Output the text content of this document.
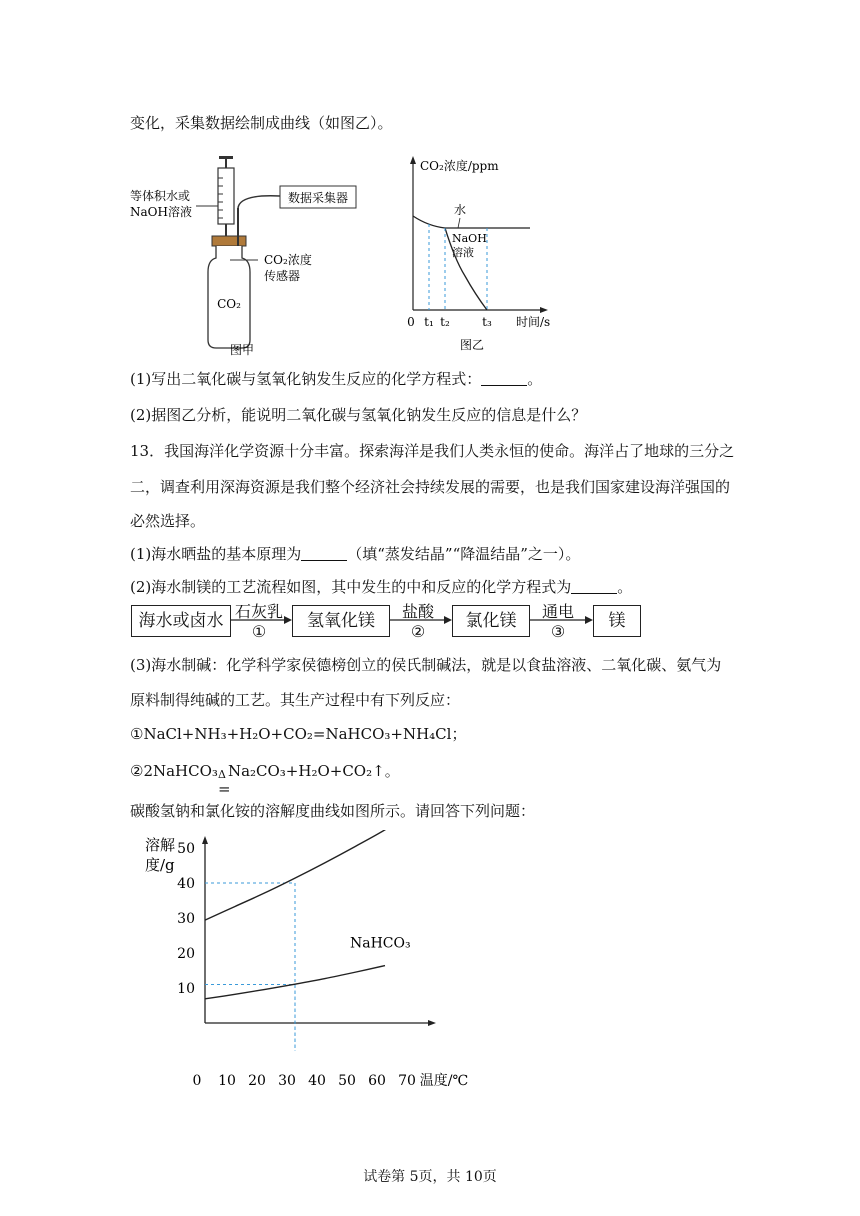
变化，采集数据绘制成曲线（如图乙）。
数据采集器
等体积水或
NaOH溶液
CO₂浓度
传感器
CO₂
图甲
CO₂浓度/ppm
水
NaOH
溶液
0 t₁ t₂	t₃ 时间/s
图乙
(1)写出二氧化碳与氢氧化钠发生反应的化学方程式：	。
(2)据图乙分析，能说明二氧化碳与氢氧化钠发生反应的信息是什么？
13．我国海洋化学资源十分丰富。探索海洋是我们人类永恒的使命。海洋占了地球的三分之
二，调查利用深海资源是我们整个经济社会持续发展的需要，也是我们国家建设海洋强国的
必然选择。
(1)海水晒盐的基本原理为	（填“蒸发结晶”“降温结晶”之一）。
(2)海水制镁的工艺流程如图，其中发生的中和反应的化学方程式为	。
海水或卤水	氢氧化镁	氯化镁	镁
石灰乳
①
盐酸
②
通电
③
(3)海水制碱：化学科学家侯德榜创立的侯氏制碱法，就是以食盐溶液、二氧化碳、氨气为
原料制得纯碱的工艺。其生产过程中有下列反应：
①NaCl+NH₃+H₂O+CO₂=NaHCO₃+NH₄Cl；
②2NaHCO₃ Δ
=
Na₂CO₃+H₂O+CO₂↑。
碳酸氢钠和氯化铵的溶解度曲线如图所示。请回答下列问题：
溶解
度/g
10
20
30
40
50
0 10 20 30 40 50 60 70 温度/℃
NaHCO₃
试卷第 5页，共 10页
